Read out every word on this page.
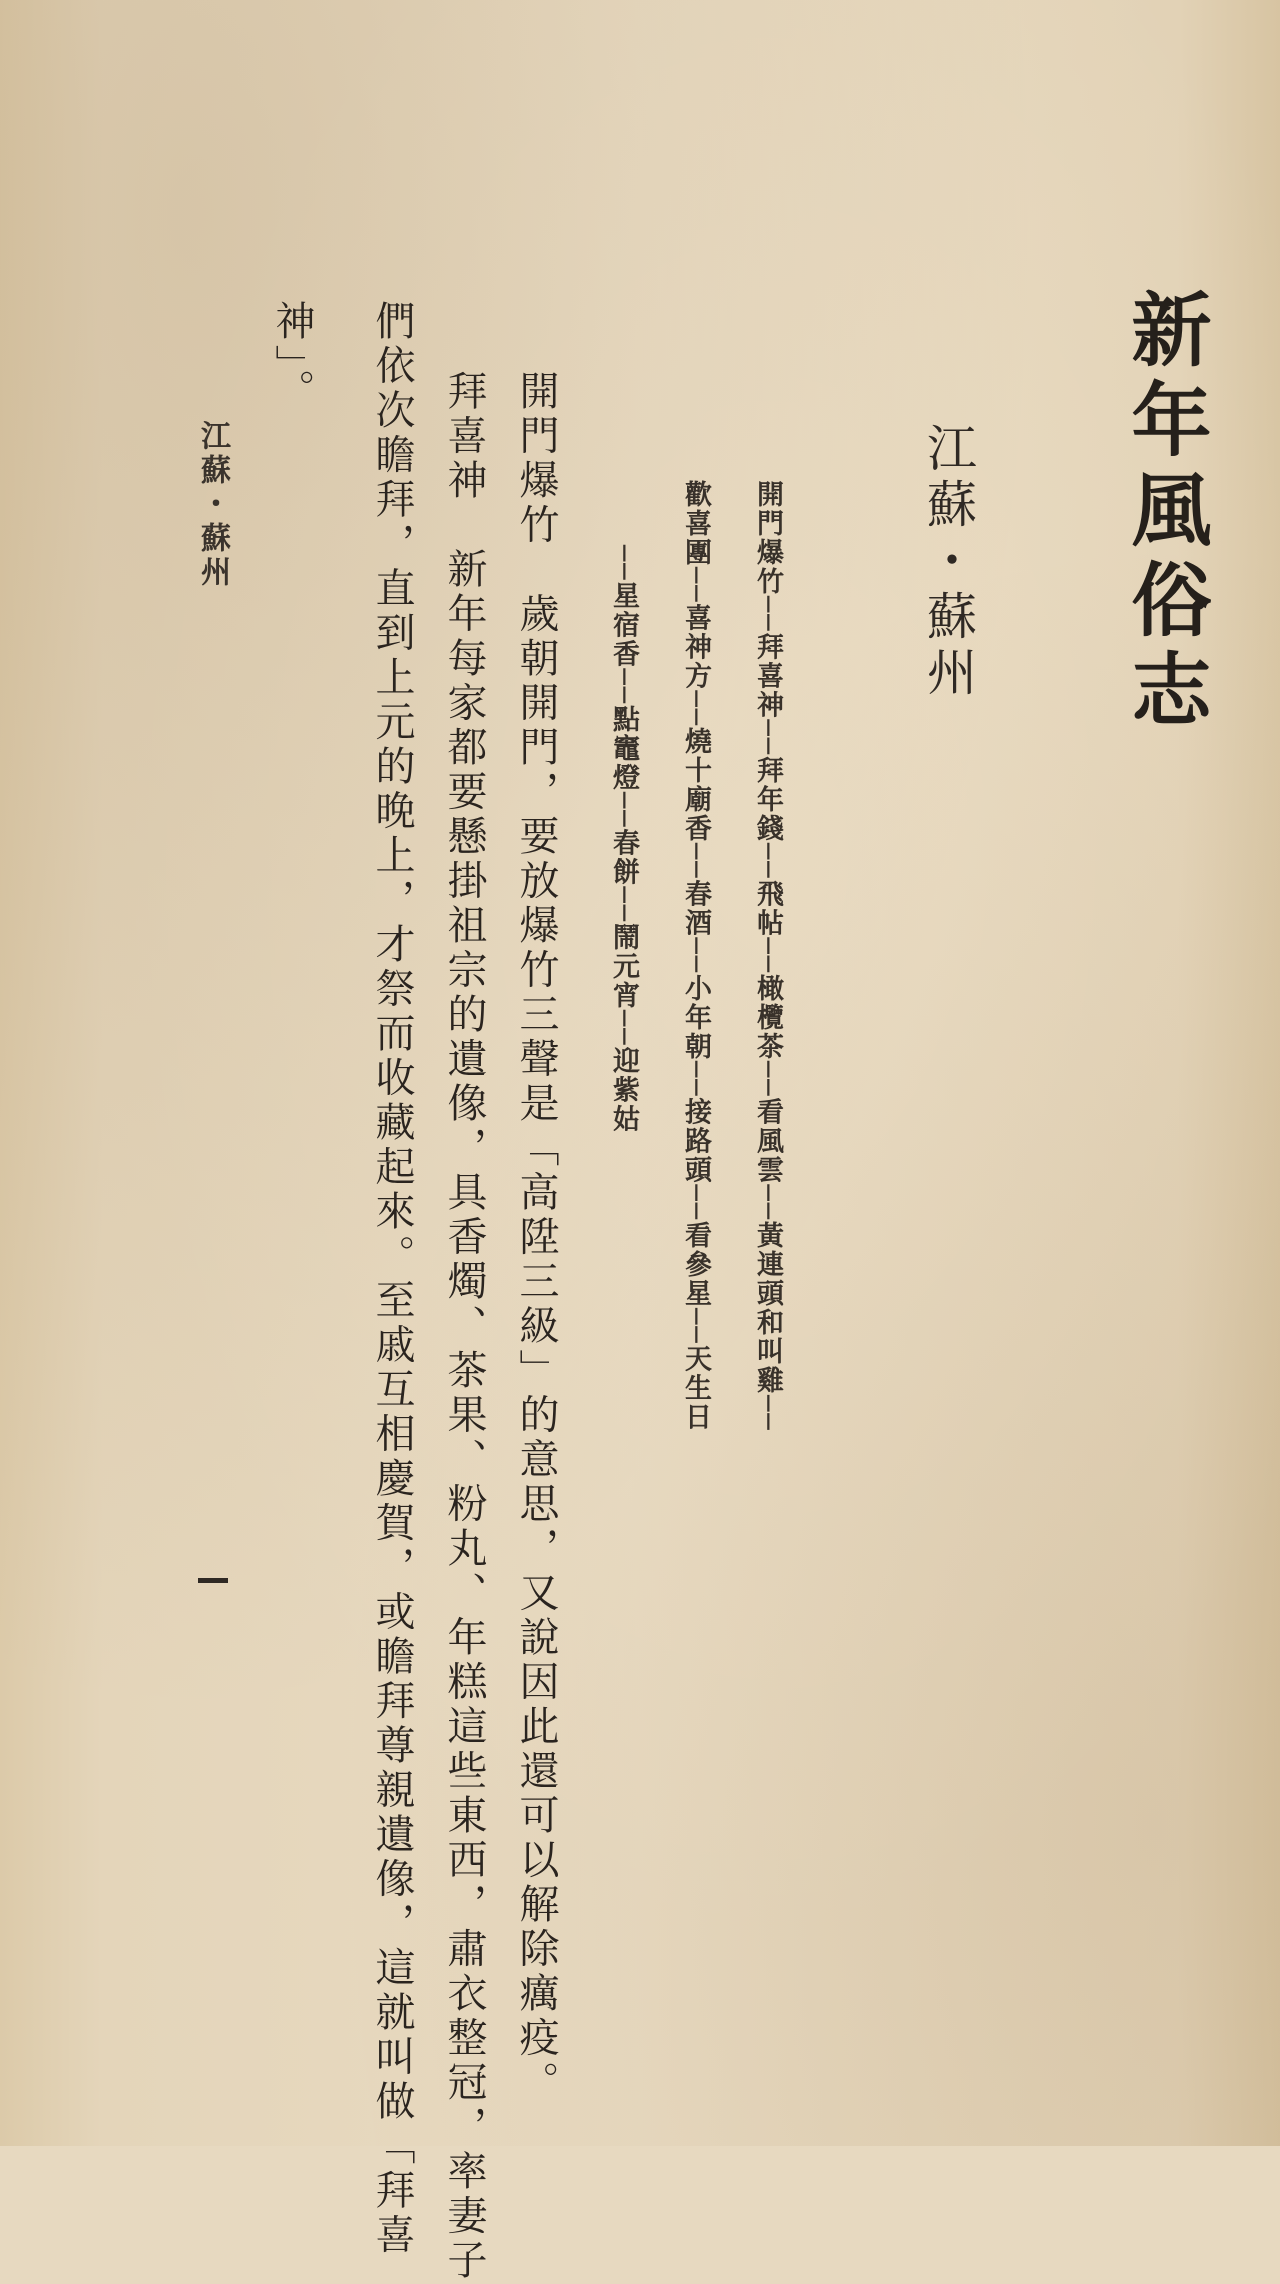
新年風俗志
江蘇・蘇州
開門爆竹──拜喜神──拜年錢──飛帖──橄欖茶──看風雲──黃連頭和叫雞──
歡喜團──喜神方──燒十廟香──春酒──小年朝──接路頭──看參星──天生日
──星宿香──點竈燈──春餅──鬧元宵──迎紫姑
開門爆竹　歲朝開門，要放爆竹三聲是「高陞三級」的意思，又說因此還可以解除癘疫。
拜喜神　新年每家都要懸掛祖宗的遺像，具香燭、茶果、粉丸、年糕這些東西，肅衣整冠，率妻子
們依次瞻拜，直到上元的晚上，才祭而收藏起來。至戚互相慶賀，或瞻拜尊親遺像，這就叫做「拜喜
神」。
江蘇・蘇州
